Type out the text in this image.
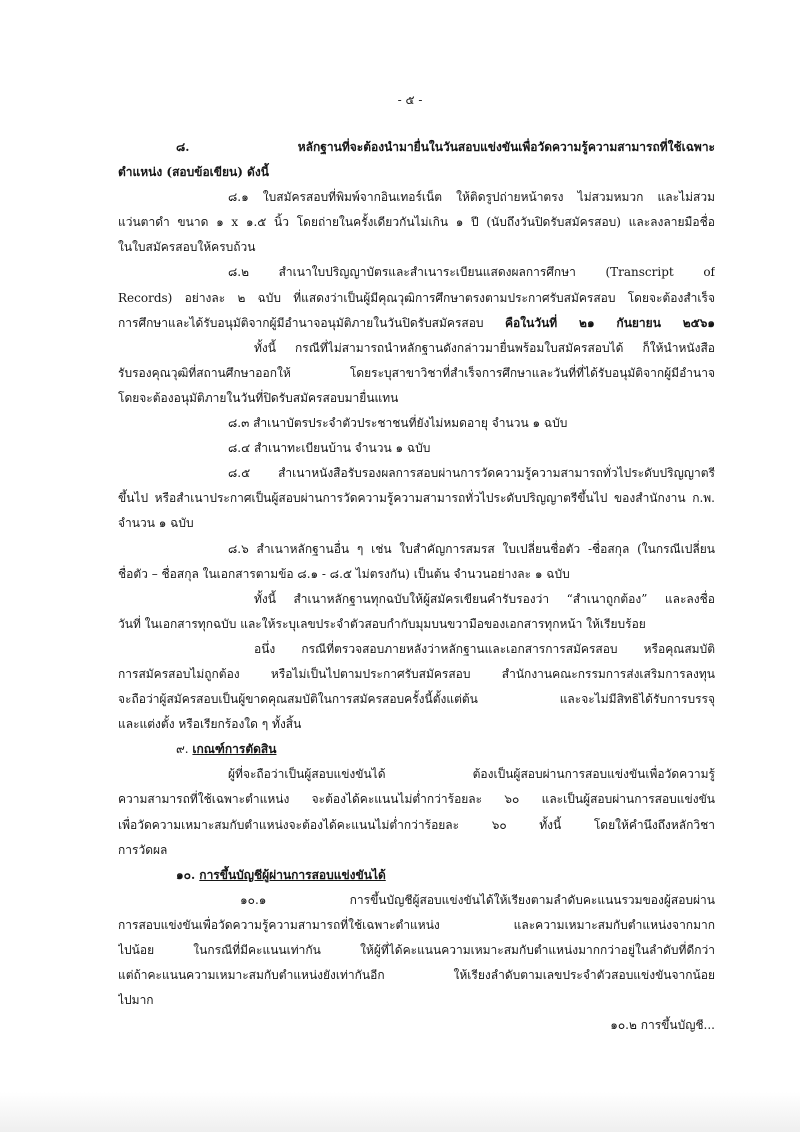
- ๕ -
๘. หลักฐานที่จะต้องนำมายื่นในวันสอบแข่งขันเพื่อวัดความรู้ความสามารถที่ใช้เฉพาะ
ตำแหน่ง (สอบข้อเขียน) ดังนี้
๘.๑ ใบสมัครสอบที่พิมพ์จากอินเทอร์เน็ต ให้ติดรูปถ่ายหน้าตรง ไม่สวมหมวก และไม่สวม
แว่นตาดำ ขนาด ๑ x ๑.๕ นิ้ว โดยถ่ายในครั้งเดียวกันไม่เกิน ๑ ปี (นับถึงวันปิดรับสมัครสอบ) และลงลายมือชื่อ
ในใบสมัครสอบให้ครบถ้วน
๘.๒ สำเนาใบปริญญาบัตรและสำเนาระเบียนแสดงผลการศึกษา (Transcript of
Records) อย่างละ ๒ ฉบับ ที่แสดงว่าเป็นผู้มีคุณวุฒิการศึกษาตรงตามประกาศรับสมัครสอบ โดยจะต้องสำเร็จ
การศึกษาและได้รับอนุมัติจากผู้มีอำนาจอนุมัติภายในวันปิดรับสมัครสอบ คือในวันที่ ๒๑ กันยายน ๒๕๖๑
ทั้งนี้ กรณีที่ไม่สามารถนำหลักฐานดังกล่าวมายื่นพร้อมใบสมัครสอบได้ ก็ให้นำหนังสือ
รับรองคุณวุฒิที่สถานศึกษาออกให้ โดยระบุสาขาวิชาที่สำเร็จการศึกษาและวันที่ที่ได้รับอนุมัติจากผู้มีอำนาจ
โดยจะต้องอนุมัติภายในวันที่ปิดรับสมัครสอบมายื่นแทน
๘.๓ สำเนาบัตรประจำตัวประชาชนที่ยังไม่หมดอายุ จำนวน ๑ ฉบับ
๘.๔ สำเนาทะเบียนบ้าน จำนวน ๑ ฉบับ
๘.๕ สำเนาหนังสือรับรองผลการสอบผ่านการวัดความรู้ความสามารถทั่วไประดับปริญญาตรี
ขึ้นไป หรือสำเนาประกาศเป็นผู้สอบผ่านการวัดความรู้ความสามารถทั่วไประดับปริญญาตรีขึ้นไป ของสำนักงาน ก.พ.
จำนวน ๑ ฉบับ
๘.๖ สำเนาหลักฐานอื่น ๆ เช่น ใบสำคัญการสมรส ใบเปลี่ยนชื่อตัว -ชื่อสกุล (ในกรณีเปลี่ยน
ชื่อตัว – ชื่อสกุล ในเอกสารตามข้อ ๘.๑ - ๘.๕ ไม่ตรงกัน) เป็นต้น จำนวนอย่างละ ๑ ฉบับ
ทั้งนี้ สำเนาหลักฐานทุกฉบับให้ผู้สมัครเขียนคำรับรองว่า “สำเนาถูกต้อง” และลงชื่อ
วันที่ ในเอกสารทุกฉบับ และให้ระบุเลขประจำตัวสอบกำกับมุมบนขวามือของเอกสารทุกหน้า ให้เรียบร้อย
อนึ่ง กรณีที่ตรวจสอบภายหลังว่าหลักฐานและเอกสารการสมัครสอบ หรือคุณสมบัติ
การสมัครสอบไม่ถูกต้อง หรือไม่เป็นไปตามประกาศรับสมัครสอบ สำนักงานคณะกรรมการส่งเสริมการลงทุน
จะถือว่าผู้สมัครสอบเป็นผู้ขาดคุณสมบัติในการสมัครสอบครั้งนี้ตั้งแต่ต้น และจะไม่มีสิทธิได้รับการบรรจุ
และแต่งตั้ง หรือเรียกร้องใด ๆ ทั้งสิ้น
๙. เกณฑ์การตัดสิน
ผู้ที่จะถือว่าเป็นผู้สอบแข่งขันได้ ต้องเป็นผู้สอบผ่านการสอบแข่งขันเพื่อวัดความรู้
ความสามารถที่ใช้เฉพาะตำแหน่ง จะต้องได้คะแนนไม่ต่ำกว่าร้อยละ ๖๐ และเป็นผู้สอบผ่านการสอบแข่งขัน
เพื่อวัดความเหมาะสมกับตำแหน่งจะต้องได้คะแนนไม่ต่ำกว่าร้อยละ ๖๐ ทั้งนี้ โดยให้คำนึงถึงหลักวิชา
การวัดผล
๑๐. การขึ้นบัญชีผู้ผ่านการสอบแข่งขันได้
๑๐.๑ การขึ้นบัญชีผู้สอบแข่งขันได้ให้เรียงตามลำดับคะแนนรวมของผู้สอบผ่าน
การสอบแข่งขันเพื่อวัดความรู้ความสามารถที่ใช้เฉพาะตำแหน่ง และความเหมาะสมกับตำแหน่งจากมาก
ไปน้อย ในกรณีที่มีคะแนนเท่ากัน ให้ผู้ที่ได้คะแนนความเหมาะสมกับตำแหน่งมากกว่าอยู่ในลำดับที่ดีกว่า
แต่ถ้าคะแนนความเหมาะสมกับตำแหน่งยังเท่ากันอีก ให้เรียงลำดับตามเลขประจำตัวสอบแข่งขันจากน้อย
ไปมาก
๑๐.๒ การขึ้นบัญชี...
